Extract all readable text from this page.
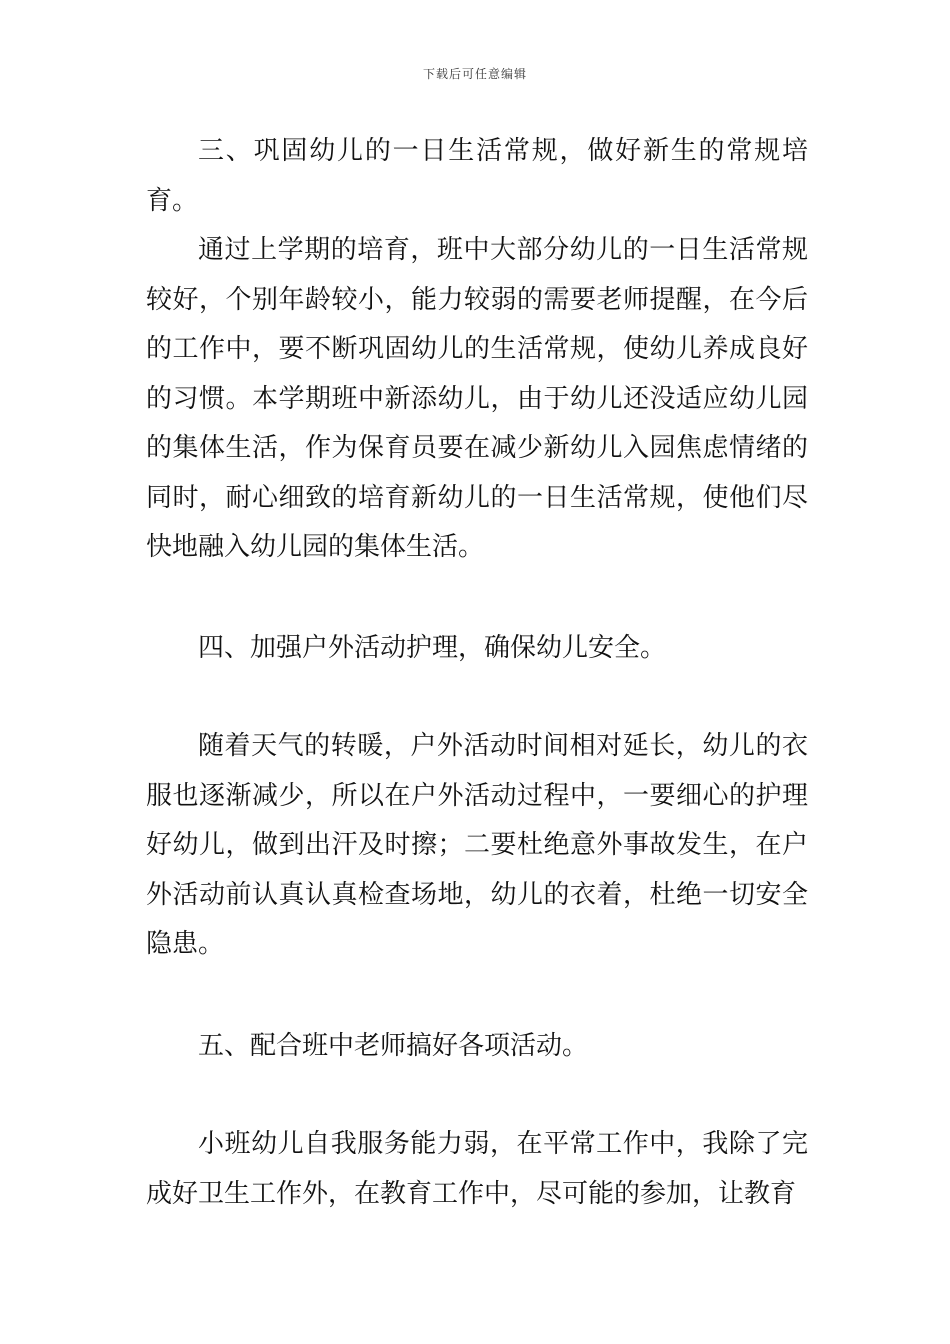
下载后可任意编辑

三、巩固幼儿的一日生活常规，做好新生的常规培育。

通过上学期的培育，班中大部分幼儿的一日生活常规较好，个别年龄较小，能力较弱的需要老师提醒，在今后的工作中，要不断巩固幼儿的生活常规，使幼儿养成良好的习惯。本学期班中新添幼儿，由于幼儿还没适应幼儿园的集体生活，作为保育员要在减少新幼儿入园焦虑情绪的同时，耐心细致的培育新幼儿的一日生活常规，使他们尽快地融入幼儿园的集体生活。

四、加强户外活动护理，确保幼儿安全。

随着天气的转暖，户外活动时间相对延长，幼儿的衣服也逐渐减少，所以在户外活动过程中，一要细心的护理好幼儿，做到出汗及时擦；二要杜绝意外事故发生，在户外活动前认真认真检查场地，幼儿的衣着，杜绝一切安全隐患。

五、配合班中老师搞好各项活动。

小班幼儿自我服务能力弱，在平常工作中，我除了完成好卫生工作外，在教育工作中，尽可能的参加，让教育
